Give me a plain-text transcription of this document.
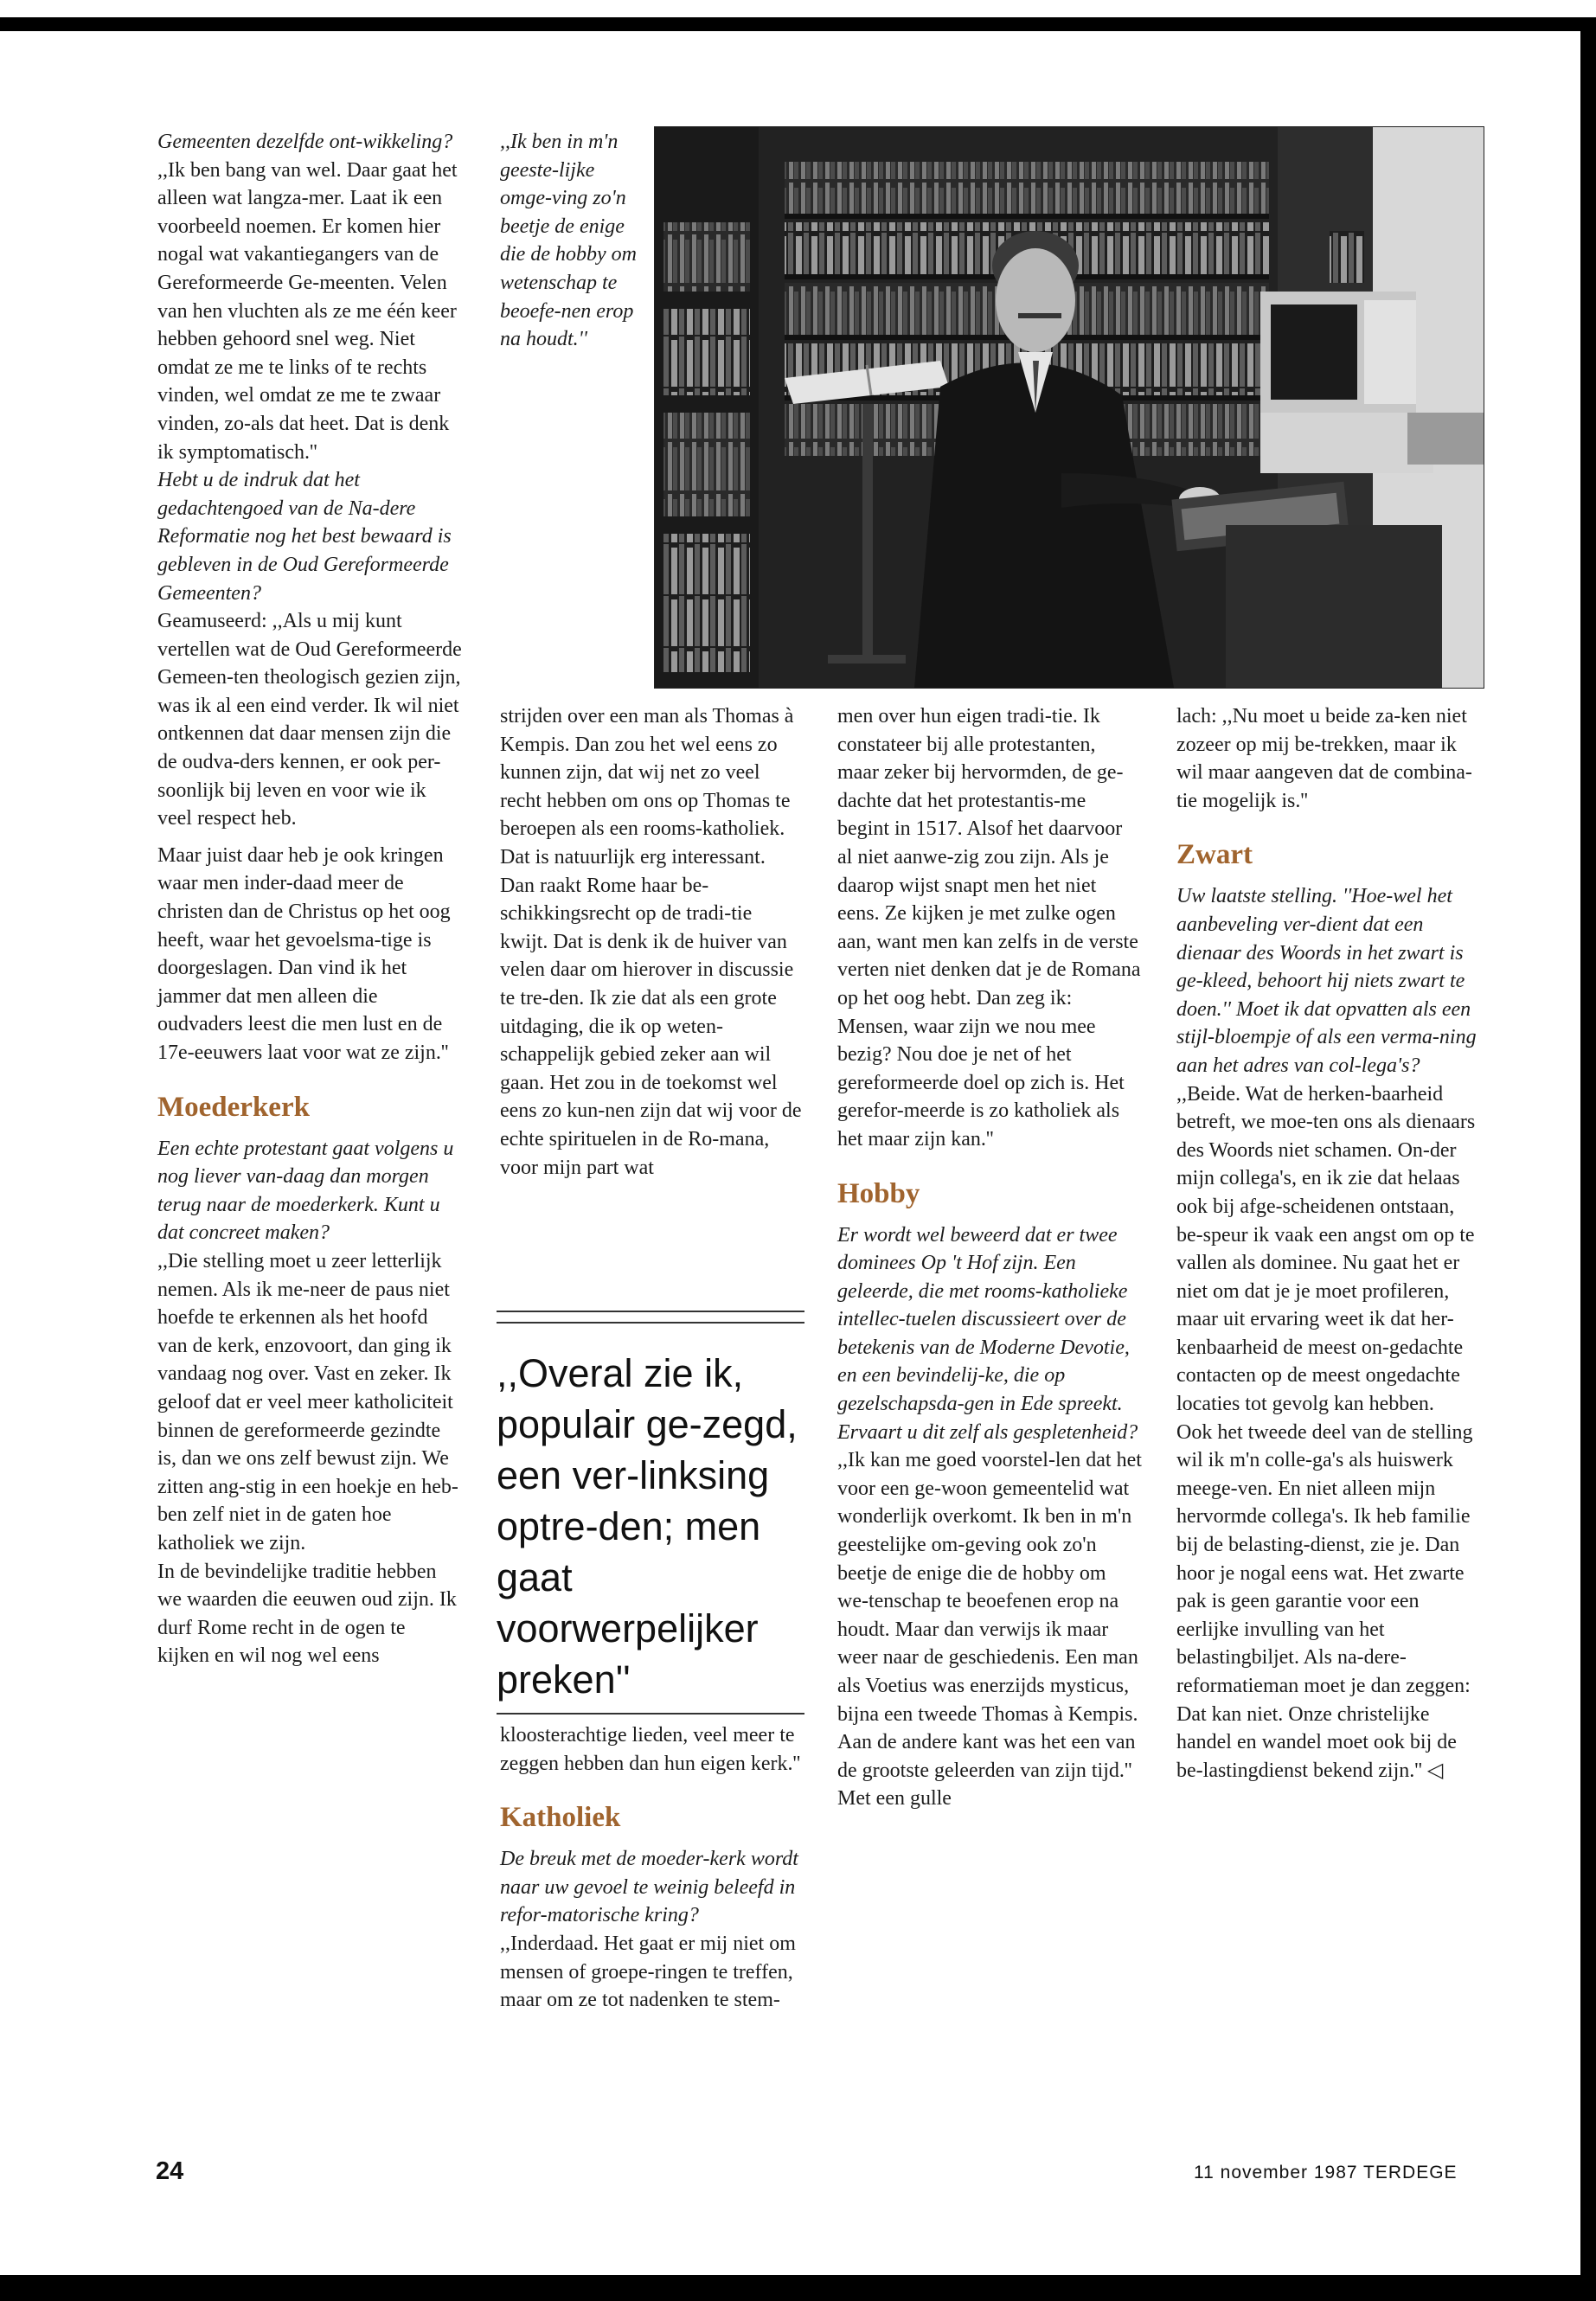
Gemeenten dezelfde ont-wikkeling?

,,Ik ben bang van wel. Daar gaat het alleen wat langza-mer. Laat ik een voorbeeld noemen. Er komen hier nogal wat vakantiegangers van de Gereformeerde Ge-meenten. Velen van hen vluchten als ze me één keer hebben gehoord snel weg. Niet omdat ze me te links of te rechts vinden, wel omdat ze me te zwaar vinden, zo-als dat heet. Dat is denk ik symptomatisch.''

Hebt u de indruk dat het gedachtengoed van de Na-dere Reformatie nog het best bewaard is gebleven in de Oud Gereformeerde Gemeenten?

Geamuseerd: ,,Als u mij kunt vertellen wat de Oud Gereformeerde Gemeen-ten theologisch gezien zijn, was ik al een eind verder. Ik wil niet ontkennen dat daar mensen zijn die de oudva-ders kennen, er ook per-soonlijk bij leven en voor wie ik veel respect heb.

Maar juist daar heb je ook kringen waar men inder-daad meer de christen dan de Christus op het oog heeft, waar het gevoelsma-tige is doorgeslagen. Dan vind ik het jammer dat men alleen die oudvaders leest die men lust en de 17e-eeuwers laat voor wat ze zijn.''

Moederkerk

Een echte protestant gaat volgens u nog liever van-daag dan morgen terug naar de moederkerk. Kunt u dat concreet maken?

,,Die stelling moet u zeer letterlijk nemen. Als ik me-neer de paus niet hoefde te erkennen als het hoofd van de kerk, enzovoort, dan ging ik vandaag nog over. Vast en zeker. Ik geloof dat er veel meer katholiciteit binnen de gereformeerde gezindte is, dan we ons zelf bewust zijn. We zitten ang-stig in een hoekje en heb-ben zelf niet in de gaten hoe katholiek we zijn.

In de bevindelijke traditie hebben we waarden die eeuwen oud zijn. Ik durf Rome recht in de ogen te kijken en wil nog wel eens

,,Ik ben in m'n geeste-lijke omge-ving zo'n beetje de enige die de hobby om wetenschap te beoefe-nen erop na houdt.''

strijden over een man als Thomas à Kempis. Dan zou het wel eens zo kunnen zijn, dat wij net zo veel recht hebben om ons op Thomas te beroepen als een rooms-katholiek. Dat is natuurlijk erg interessant. Dan raakt Rome haar be-schikkingsrecht op de tradi-tie kwijt. Dat is denk ik de huiver van velen daar om hierover in discussie te tre-den. Ik zie dat als een grote uitdaging, die ik op weten-schappelijk gebied zeker aan wil gaan. Het zou in de toekomst wel eens zo kun-nen zijn dat wij voor de echte spirituelen in de Ro-mana, voor mijn part wat

,,Overal zie ik, populair ge-zegd, een ver-linksing optre-den; men gaat voorwerpelijker preken''

kloosterachtige lieden, veel meer te zeggen hebben dan hun eigen kerk.''

Katholiek

De breuk met de moeder-kerk wordt naar uw gevoel te weinig beleefd in refor-matorische kring?

,,Inderdaad. Het gaat er mij niet om mensen of groepe-ringen te treffen, maar om ze tot nadenken te stem-

men over hun eigen tradi-tie. Ik constateer bij alle protestanten, maar zeker bij hervormden, de ge-dachte dat het protestantis-me begint in 1517. Alsof het daarvoor al niet aanwe-zig zou zijn. Als je daarop wijst snapt men het niet eens. Ze kijken je met zulke ogen aan, want men kan zelfs in de verste verten niet denken dat je de Romana op het oog hebt. Dan zeg ik: Mensen, waar zijn we nou mee bezig? Nou doe je net of het gereformeerde doel op zich is. Het gerefor-meerde is zo katholiek als het maar zijn kan.''

Hobby

Er wordt wel beweerd dat er twee dominees Op 't Hof zijn. Een geleerde, die met rooms-katholieke intellec-tuelen discussieert over de betekenis van de Moderne Devotie, en een bevindelij-ke, die op gezelschapsda-gen in Ede spreekt. Ervaart u dit zelf als gespletenheid?

,,Ik kan me goed voorstel-len dat het voor een ge-woon gemeentelid wat wonderlijk overkomt. Ik ben in m'n geestelijke om-geving ook zo'n beetje de enige die de hobby om we-tenschap te beoefenen erop na houdt. Maar dan verwijs ik maar weer naar de geschiedenis. Een man als Voetius was enerzijds mysticus, bijna een tweede Thomas à Kempis. Aan de andere kant was het een van de grootste geleerden van zijn tijd.'' Met een gulle

lach: ,,Nu moet u beide za-ken niet zozeer op mij be-trekken, maar ik wil maar aangeven dat de combina-tie mogelijk is.''

Zwart

Uw laatste stelling. ''Hoe-wel het aanbeveling ver-dient dat een dienaar des Woords in het zwart is ge-kleed, behoort hij niets zwart te doen.'' Moet ik dat opvatten als een stijl-bloempje of als een verma-ning aan het adres van col-lega's?

,,Beide. Wat de herken-baarheid betreft, we moe-ten ons als dienaars des Woords niet schamen. On-der mijn collega's, en ik zie dat helaas ook bij afge-scheidenen ontstaan, be-speur ik vaak een angst om op te vallen als dominee. Nu gaat het er niet om dat je je moet profileren, maar uit ervaring weet ik dat her-kenbaarheid de meest on-gedachte contacten op de meest ongedachte locaties tot gevolg kan hebben.

Ook het tweede deel van de stelling wil ik m'n colle-ga's als huiswerk meege-ven. En niet alleen mijn hervormde collega's. Ik heb familie bij de belasting-dienst, zie je. Dan hoor je nogal eens wat. Het zwarte pak is geen garantie voor een eerlijke invulling van het belastingbiljet. Als na-dere-reformatieman moet je dan zeggen: Dat kan niet. Onze christelijke handel en wandel moet ook bij de be-lastingdienst bekend zijn.'' ◁

24	11 november 1987 TERDEGE
